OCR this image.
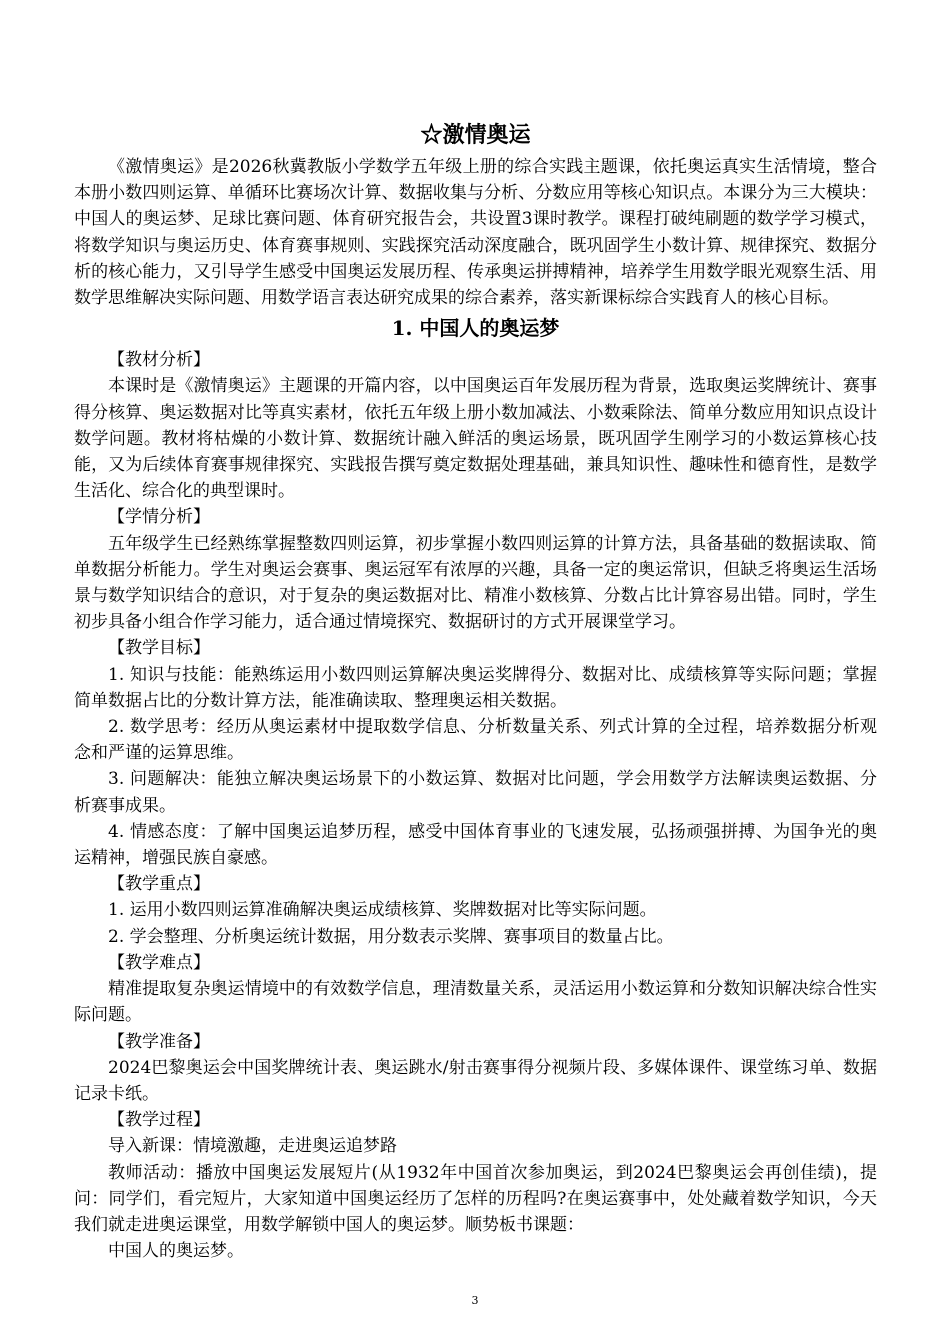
☆激情奥运

《激情奥运》是2026秋冀教版小学数学五年级上册的综合实践主题课，依托奥运真实生活情境，整合本册小数四则运算、单循环比赛场次计算、数据收集与分析、分数应用等核心知识点。本课分为三大模块：中国人的奥运梦、足球比赛问题、体育研究报告会，共设置3课时教学。课程打破纯刷题的数学学习模式，将数学知识与奥运历史、体育赛事规则、实践探究活动深度融合，既巩固学生小数计算、规律探究、数据分析的核心能力，又引导学生感受中国奥运发展历程、传承奥运拼搏精神，培养学生用数学眼光观察生活、用数学思维解决实际问题、用数学语言表达研究成果的综合素养，落实新课标综合实践育人的核心目标。

1. 中国人的奥运梦
【教材分析】

本课时是《激情奥运》主题课的开篇内容，以中国奥运百年发展历程为背景，选取奥运奖牌统计、赛事得分核算、奥运数据对比等真实素材，依托五年级上册小数加减法、小数乘除法、简单分数应用知识点设计数学问题。教材将枯燥的小数计算、数据统计融入鲜活的奥运场景，既巩固学生刚学习的小数运算核心技能，又为后续体育赛事规律探究、实践报告撰写奠定数据处理基础，兼具知识性、趣味性和德育性，是数学生活化、综合化的典型课时。

【学情分析】

五年级学生已经熟练掌握整数四则运算，初步掌握小数四则运算的计算方法，具备基础的数据读取、简单数据分析能力。学生对奥运会赛事、奥运冠军有浓厚的兴趣，具备一定的奥运常识，但缺乏将奥运生活场景与数学知识结合的意识，对于复杂的奥运数据对比、精准小数核算、分数占比计算容易出错。同时，学生初步具备小组合作学习能力，适合通过情境探究、数据研讨的方式开展课堂学习。

【教学目标】

1. 知识与技能：能熟练运用小数四则运算解决奥运奖牌得分、数据对比、成绩核算等实际问题；掌握简单数据占比的分数计算方法，能准确读取、整理奥运相关数据。

2. 数学思考：经历从奥运素材中提取数学信息、分析数量关系、列式计算的全过程，培养数据分析观念和严谨的运算思维。

3. 问题解决：能独立解决奥运场景下的小数运算、数据对比问题，学会用数学方法解读奥运数据、分析赛事成果。

4. 情感态度：了解中国奥运追梦历程，感受中国体育事业的飞速发展，弘扬顽强拼搏、为国争光的奥运精神，增强民族自豪感。

【教学重点】

1. 运用小数四则运算准确解决奥运成绩核算、奖牌数据对比等实际问题。

2. 学会整理、分析奥运统计数据，用分数表示奖牌、赛事项目的数量占比。

【教学难点】

精准提取复杂奥运情境中的有效数学信息，理清数量关系，灵活运用小数运算和分数知识解决综合性实际问题。

【教学准备】

2024巴黎奥运会中国奖牌统计表、奥运跳水/射击赛事得分视频片段、多媒体课件、课堂练习单、数据记录卡纸。

【教学过程】

导入新课：情境激趣，走进奥运追梦路

教师活动：播放中国奥运发展短片(从1932年中国首次参加奥运，到2024巴黎奥运会再创佳绩)，提问：同学们，看完短片，大家知道中国奥运经历了怎样的历程吗?在奥运赛事中，处处藏着数学知识，今天我们就走进奥运课堂，用数学解锁中国人的奥运梦。顺势板书课题：

中国人的奥运梦。

3
